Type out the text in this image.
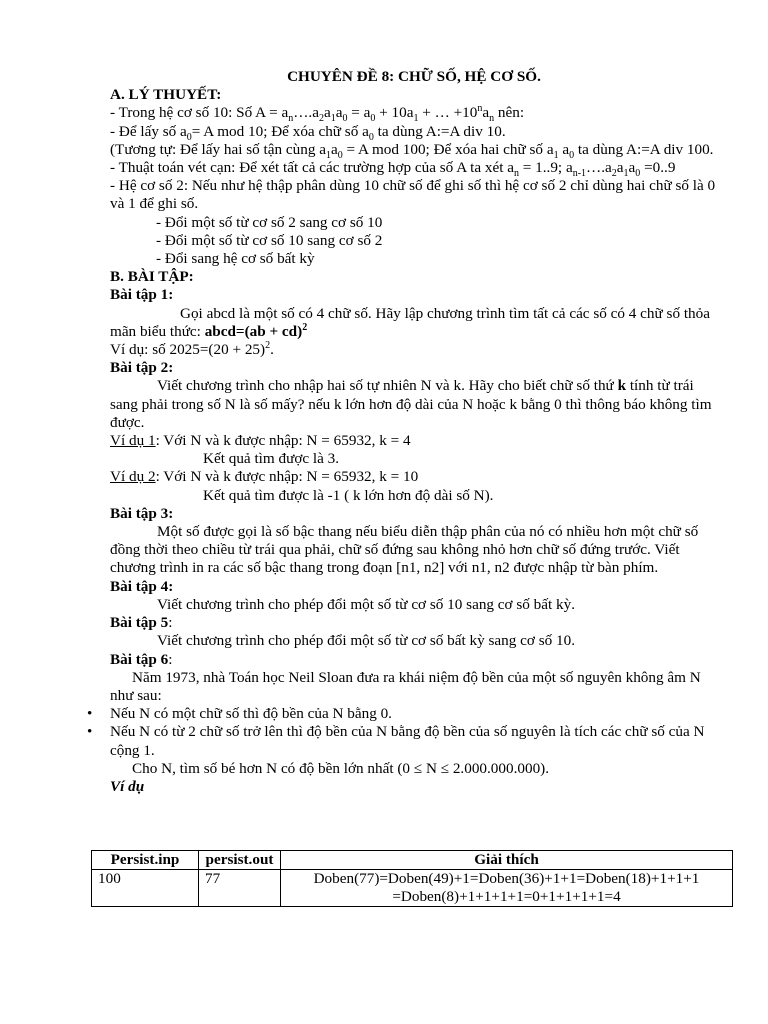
CHUYÊN ĐỀ 8: CHỮ SỐ, HỆ CƠ SỐ.
A. LÝ THUYẾT:
- Trong hệ cơ số 10: Số $A = a_n\dots.a_2a_1a_0 = a_0 + 10a_1$ + … $+10^na_n$ nên:
- Để lấy số $a_0= A$ mod 10; Để xóa chữ số $a_0$ ta dùng A:=A div 10.
(Tương tự: Để lấy hai số tận cùng $a_1a_0 = A$ mod 100; Để xóa hai chữ số $a_1$ $a_0$ ta dùng A:=A div 100.
- Thuật toán vét cạn: Để xét tất cả các trường hợp của số A ta xét $a_n = 1..9$; $a_{n-1}\dots.a_2a_1a_0 =0..9$
- Hệ cơ số 2: Nếu như hệ thập phân dùng 10 chữ số để ghi số thì hệ cơ số 2 chỉ dùng hai chữ số là 0 và 1 để ghi số.
- Đổi một số từ cơ số 2 sang cơ số 10
- Đổi một số từ cơ số 10 sang cơ số 2
- Đổi sang hệ cơ số bất kỳ
B. BÀI TẬP:
Bài tập 1:
Gọi abcd là một số có 4 chữ số. Hãy lập chương trình tìm tất cả các số có 4 chữ số thỏa mãn biểu thức: abcd=(ab + cd)$^2$
Ví dụ: số $2025=(20 + 25)^2$.
Bài tập 2:
Viết chương trình cho nhập hai số tự nhiên N và k. Hãy cho biết chữ số thứ k tính từ trái sang phải trong số N là số mấy? nếu k lớn hơn độ dài của N hoặc k bằng 0 thì thông báo không tìm được.
Ví dụ 1: Với N và k được nhập: N = 65932, k = 4
Kết quả tìm được là 3.
Ví dụ 2: Với N và k được nhập: N = 65932, k = 10
Kết quả tìm được là -1 ( k lớn hơn độ dài số N).
Bài tập 3:
Một số được gọi là số bậc thang nếu biểu diễn thập phân của nó có nhiều hơn một chữ số đồng thời theo chiều từ trái qua phải, chữ số đứng sau không nhỏ hơn chữ số đứng trước. Viết chương trình in ra các số bậc thang trong đoạn [n1, n2] với n1, n2 được nhập từ bàn phím.
Bài tập 4:
Viết chương trình cho phép đổi một số từ cơ số 10 sang cơ số bất kỳ.
Bài tập 5:
Viết chương trình cho phép đổi một số từ cơ số bất kỳ sang cơ số 10.
Bài tập 6:
Năm 1973, nhà Toán học Neil Sloan đưa ra khái niệm độ bền của một số nguyên không âm N như sau:
• Nếu N có một chữ số thì độ bền của N bằng 0.
• Nếu N có từ 2 chữ số trở lên thì độ bền của N bằng độ bền của số nguyên là tích các chữ số của N cộng 1.
Cho N, tìm số bé hơn N có độ bền lớn nhất (0 ≤ N ≤ 2.000.000.000).
Ví dụ
Persist.inp	persist.out	Giải thích
100	77	Doben(77)=Doben(49)+1=Doben(36)+1+1=Doben(18)+1+1+1
=Doben(8)+1+1+1+1=0+1+1+1+1=4
